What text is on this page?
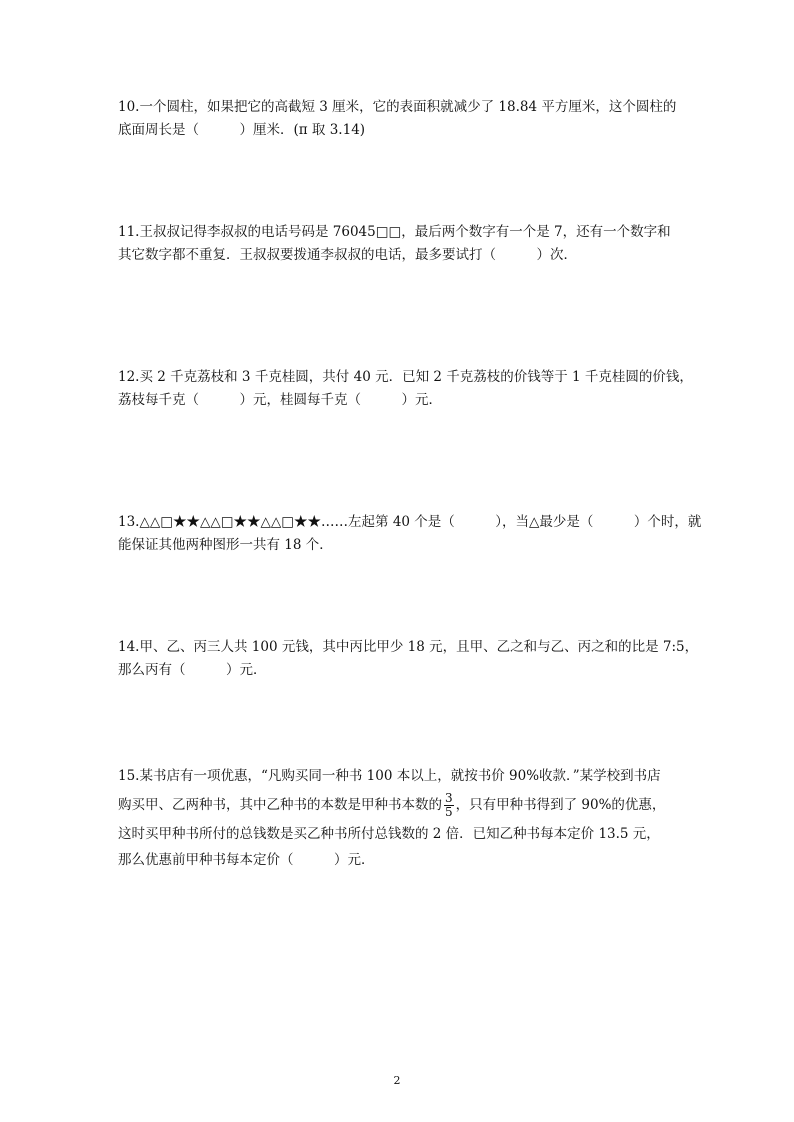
10.一个圆柱，如果把它的高截短 3 厘米，它的表面积就减少了 18.84 平方厘米，这个圆柱的
底面周长是（　　　）厘米．(π 取 3.14)

11.王叔叔记得李叔叔的电话号码是 76045□□，最后两个数字有一个是 7，还有一个数字和
其它数字都不重复．王叔叔要拨通李叔叔的电话，最多要试打（　　　）次．

12.买 2 千克荔枝和 3 千克桂圆，共付 40 元．已知 2 千克荔枝的价钱等于 1 千克桂圆的价钱，
荔枝每千克（　　　）元，桂圆每千克（　　　）元．

13.△△□★★△△□★★△△□★★……左起第 40 个是（　　　），当△最少是（　　　）个时，就
能保证其他两种图形一共有 18 个．

14.甲、乙、丙三人共 100 元钱，其中丙比甲少 18 元，且甲、乙之和与乙、丙之和的比是 7:5，
那么丙有（　　　）元．

15.某书店有一项优惠，“凡购买同一种书 100 本以上，就按书价 90%收款．”某学校到书店
购买甲、乙两种书，其中乙种书的本数是甲种书本数的 $\frac{3}{5}$ ，只有甲种书得到了 90%的优惠，
这时买甲种书所付的总钱数是买乙种书所付总钱数的 2 倍．已知乙种书每本定价 13.5 元，
那么优惠前甲种书每本定价（　　　）元．
2
